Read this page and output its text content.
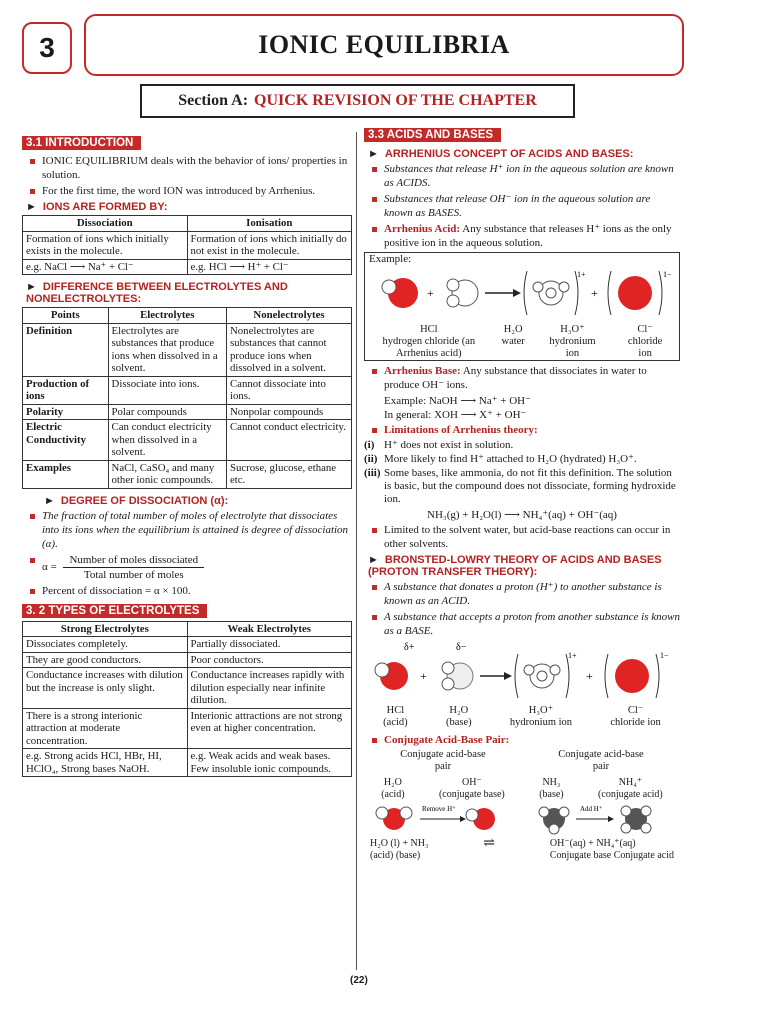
3	IONIC EQUILIBRIA
Section A: QUICK REVISION OF THE CHAPTER
3.1 INTRODUCTION
IONIC EQUILIBRIUM deals with the behavior of ions/ properties in solution.
For the first time, the word ION was introduced by Arrhenius.
► IONS ARE FORMED BY:
Dissociation	Ionisation
Formation of ions which initially exists in the molecule.	Formation of ions which initially do not exist in the molecule.
e.g. NaCl ⟶ Na⁺ + Cl⁻	e.g. HCl ⟶ H⁺ + Cl⁻
► DIFFERENCE BETWEEN ELECTROLYTES AND NONELECTROLYTES:
Points	Electrolytes	Nonelectrolytes
Definition	Electrolytes are substances that produce ions when dissolved in a solvent.	Nonelectrolytes are substances that cannot produce ions when dissolved in a solvent.
Production of ions	Dissociate into ions.	Cannot dissociate into ions.
Polarity	Polar compounds	Nonpolar compounds
Electric Conductivity	Can conduct electricity when dissolved in a solvent.	Cannot conduct electricity.
Examples	NaCl, CaSO₄ and many other ionic compounds.	Sucrose, glucose, ethane etc.
► DEGREE OF DISSOCIATION (α):
The fraction of total number of moles of electrolyte that dissociates into its ions when the equilibrium is attained is degree of dissociation (α).
$\alpha = \frac{\text{Number of moles dissociated}}{\text{Total number of moles}}$
Percent of dissociation = α × 100.
3. 2 TYPES OF ELECTROLYTES
Strong Electrolytes	Weak Electrolytes
Dissociates completely.	Partially dissociated.
They are good conductors.	Poor conductors.
Conductance increases with dilution but the increase is only slight.	Conductance increases rapidly with dilution especially near infinite dilution.
There is a strong interionic attraction at moderate concentration.	Interionic attractions are not strong even at higher concentration.
e.g. Strong acids HCl, HBr, HI, HClO₄, Strong bases NaOH.	e.g. Weak acids and weak bases. Few insoluble ionic compounds.
3.3 ACIDS AND BASES
► ARRHENIUS CONCEPT OF ACIDS AND BASES:
Substances that release H⁺ ion in the aqueous solution are known as ACIDS.
Substances that release OH⁻ ion in the aqueous solution are known as BASES.
Arrhenius Acid: Any substance that releases H⁺ ions as the only positive ion in the aqueous solution.
Example:
+
1+
+
1−
HCl
hydrogen chloride (an Arrhenius acid)
H₂O
water
H₃O⁺
hydronium ion
Cl⁻
chloride ion
Arrhenius Base: Any substance that dissociates in water to produce OH⁻ ions.
Example: NaOH ⟶ Na⁺ + OH⁻
In general: XOH ⟶ X⁺ + OH⁻
Limitations of Arrhenius theory:
(i) H⁺ does not exist in solution.
(ii) More likely to find H⁺ attached to H₂O (hydrated) H₃O⁺.
(iii) Some bases, like ammonia, do not fit this definition. The solution is basic, but the compound does not dissociate, forming hydroxide ion.
NH₃(g) + H₂O(l) ⟶ NH₄⁺(aq) + OH⁻(aq)
Limited to the solvent water, but acid-base reactions can occur in other solvents.
► BRONSTED-LOWRY THEORY OF ACIDS AND BASES (PROTON TRANSFER THEORY):
A substance that donates a proton (H⁺) to another substance is known as an ACID.
A substance that accepts a proton from another substance is known as a BASE.
δ+	δ−
+
1+
+
1−
HCl
(acid)
H₂O
(base)
H₃O⁺
hydronium ion
Cl⁻
chloride ion
Conjugate Acid-Base Pair:
Conjugate acid-base pair
Conjugate acid-base pair
H₂O
(acid)
OH⁻
(conjugate base)
NH₃
(base)
NH₄⁺
(conjugate acid)
Remove H⁺	Add H⁺
H₂O (l) + NH₃
(acid) (base)
⇌	OH⁻(aq) + NH₄⁺(aq)
Conjugate base Conjugate acid
(22)
